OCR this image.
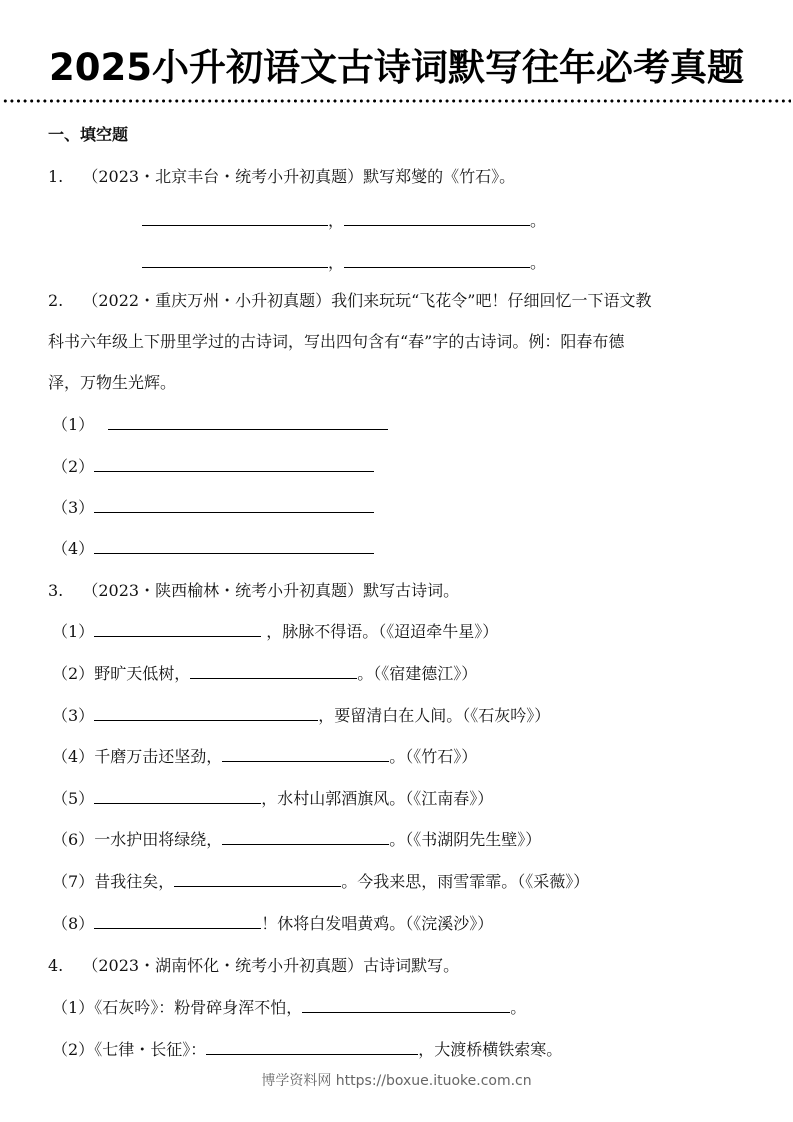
2025小升初语文古诗词默写往年必考真题
一、填空题
1. （2023・北京丰台・统考小升初真题）默写郑燮的《竹石》。
，	。
，	。
2. （2022・重庆万州・小升初真题）我们来玩玩“飞花令”吧！仔细回忆一下语文教
科书六年级上下册里学过的古诗词，写出四句含有“春”字的古诗词。例：阳春布德
泽，万物生光辉。
（1）
（2）
（3）
（4）
3. （2023・陕西榆林・统考小升初真题）默写古诗词。
（1）	，脉脉不得语。（《迢迢牵牛星》）
（2）野旷天低树，	。（《宿建德江》）
（3）	，要留清白在人间。（《石灰吟》）
（4）千磨万击还坚劲，	。（《竹石》）
（5）	，水村山郭酒旗风。（《江南春》）
（6）一水护田将绿绕，	。（《书湖阴先生壁》）
（7）昔我往矣，	。今我来思，雨雪霏霏。（《采薇》）
（8）	！休将白发唱黄鸡。（《浣溪沙》）
4. （2023・湖南怀化・统考小升初真题）古诗词默写。
（1）《石灰吟》：粉骨碎身浑不怕，	。
（2）《七律・长征》：	，大渡桥横铁索寒。
博学资料网 https://boxue.ituoke.com.cn
